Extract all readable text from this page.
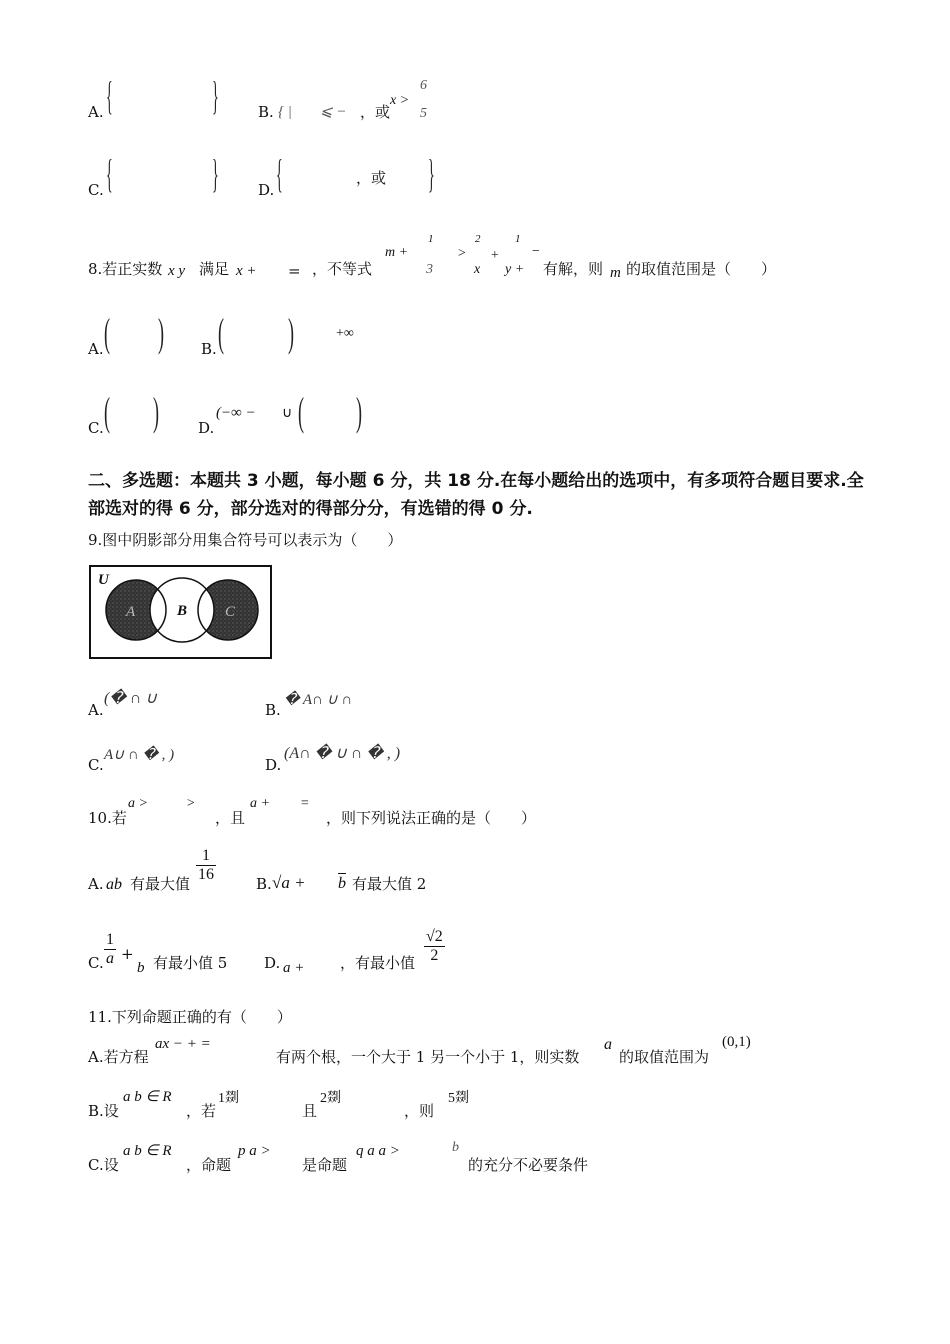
A. { }	B. { | ⩽ − ，或
x >
6
5
C. { }	D. {	，或 }
8.若正实数 x y 满足 x + = ，不等式
m +
1
3
>
2
x
+
1
y +
−
有解，则 m 的取值范围是（　　）
A. ( ) B. ( )	+∞
C. ( )	D.
(−∞ − ∪ ( )
二、多选题：本题共 3 小题，每小题 6 分，共 18 分.在每小题给出的选项中，有多项符合题目要求.全部选对的得 6 分，部分选对的得部分分，有选错的得 0 分.
9.图中阴影部分用集合符号可以表示为（　　）
U
A	B	C
A.
(� ∩ ∪
B.
� A∩ ∪ ∩
C.
A∪ ∩ � , )
D.
(A∩ � ∪ ∩ � , )
10.若
a >	>
，且
a + =
，则下列说法正确的是（　　）
A. ab 有最大值 $\frac{1}{16}$	B. √a + b 有最大值 2
C. $\frac{1}{a}$ +
b 有最小值 5 D. a + ，有最小值 $\frac{√2}{2}$
11.下列命题正确的有（　　）
A.若方程
ax − + =
有两个根，一个大于 1 另一个小于 1，则实数
a
的取值范围为
(0,1)
B.设
a b ∈ R
，若
1剟
且
2剟
，则
5剟
C.设
a b ∈ R
，命题
p a >
是命题
q a a >	b
的充分不必要条件
